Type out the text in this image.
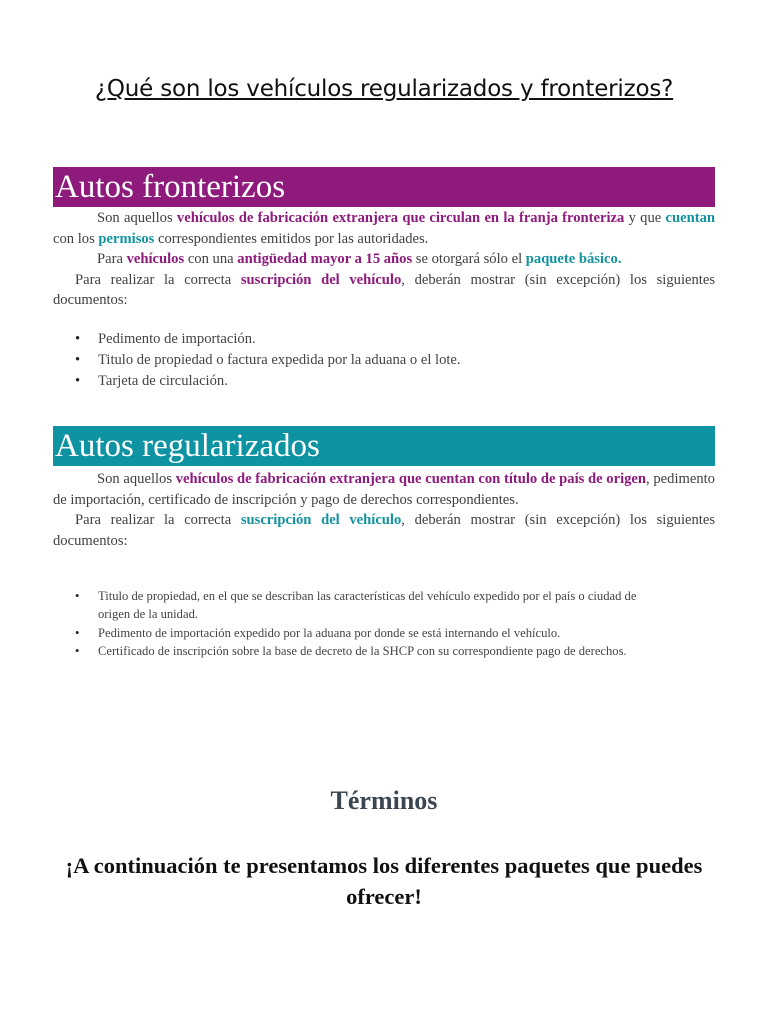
¿Qué son los vehículos regularizados y fronterizos?
Autos fronterizos

Son aquellos vehículos de fabricación extranjera que circulan en la franja fronteriza y que cuentan con los permisos correspondientes emitidos por las autoridades.

Para vehículos con una antigüedad mayor a 15 años se otorgará sólo el paquete básico.

Para realizar la correcta suscripción del vehículo, deberán mostrar (sin excepción) los siguientes documentos:

• Pedimento de importación.
• Titulo de propiedad o factura expedida por la aduana o el lote.
• Tarjeta de circulación.
Autos regularizados

Son aquellos vehículos de fabricación extranjera que cuentan con título de país de origen, pedimento de importación, certificado de inscripción y pago de derechos correspondientes.

Para realizar la correcta suscripción del vehículo, deberán mostrar (sin excepción) los siguientes documentos:

• Titulo de propiedad, en el que se describan las características del vehículo expedido por el país o ciudad de origen de la unidad.
• Pedimento de importación expedido por la aduana por donde se está internando el vehículo.
• Certificado de inscripción sobre la base de decreto de la SHCP con su correspondiente pago de derechos.
Términos
¡A continuación te presentamos los diferentes paquetes que puedes ofrecer!
